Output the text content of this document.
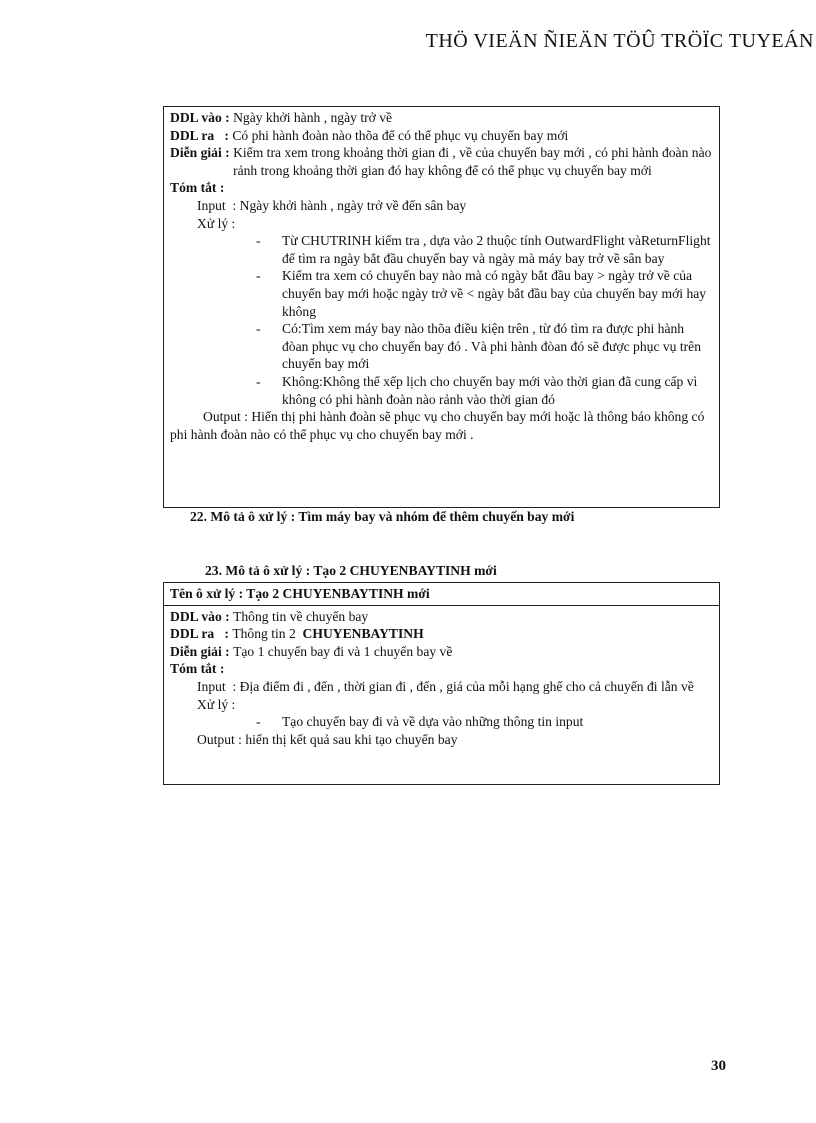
THÖ VIEÄN ÑIEÄN TÖÛ TRÖÏC TUYEÁN
DDL vào :
Ngày khởi hành , ngày trở về
DDL ra   :
Có phi hành đoàn nào thõa để có thể phục vụ chuyến bay mới
Diễn giải :
Kiểm tra xem trong khoảng thời gian đi , về của chuyến bay mới , có phi hành đoàn nào rảnh trong khoảng thời gian đó hay không để có thể phục vụ chuyến bay mới
Tóm tắt :
Input  : Ngày khởi hành , ngày trở về đến sân bay
Xử lý :
-	Từ CHUTRINH kiểm tra , dựa vào 2 thuộc tính OutwardFlight vàReturnFlight để tìm ra ngày bắt đầu chuyến bay và ngày mà máy bay trở về sân bay
-	Kiểm tra xem có chuyến bay nào mà có ngày bắt đầu bay > ngày trở về của chuyến bay mới hoặc ngày trở về < ngày bắt đầu bay của chuyến bay mới hay không
-	Có:Tìm xem máy bay nào thõa điều kiện trên , từ đó tìm ra được phi hành đòan phục vụ cho chuyến bay đó . Và phi hành đòan đó sẽ được phục vụ trên chuyến bay mới
-	Không:Không thể xếp lịch cho chuyến bay mới vào thời gian đã cung cấp vì không có phi hành đoàn nào rảnh vào thời gian đó
Output : Hiển thị phi hành đoàn sẽ phục vụ cho chuyến bay mới hoặc là thông báo không có phi hành đoàn nào có thể phục vụ cho chuyến bay mới .
22. Mô tả ô xử lý : Tìm máy bay và nhóm để thêm chuyến bay mới
23. Mô tả ô xử lý : Tạo 2 CHUYENBAYTINH mới
Tên ô xử lý : Tạo 2 CHUYENBAYTINH mới
DDL vào :
Thông tin về chuyến bay
DDL ra   :
Thông tin 2  CHUYENBAYTINH
Diễn giải :
Tạo 1 chuyến bay đi và 1 chuyến bay về
Tóm tắt :
Input  : Địa điểm đi , đến , thời gian đi , đến , giá của mỗi hạng ghế cho cả chuyến đi lẫn về
Xử lý :
-	Tạo chuyến bay đi và về dựa vào những thông tin input
Output : hiển thị kết quả sau khi tạo chuyến bay
30
